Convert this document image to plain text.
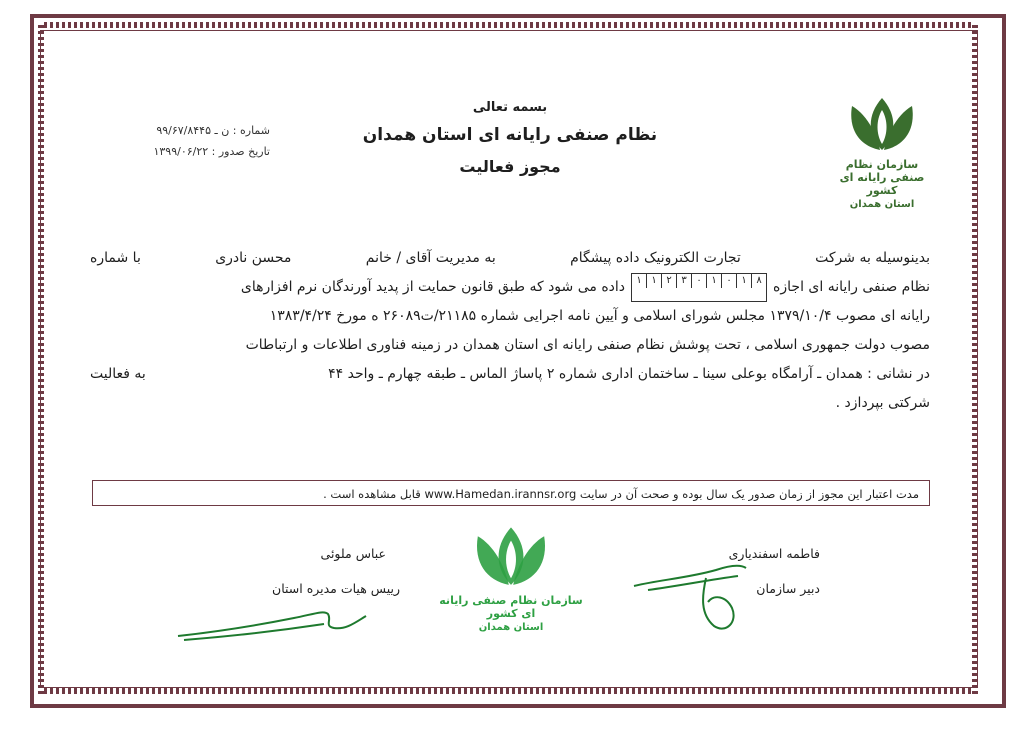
سازمان نظام صنفی رایانه ای کشور
استان همدان
بسمه تعالی
نظام صنفی رایانه ای استان همدان
مجوز فعالیت
شماره : ن ـ ۹۹/۶۷/۸۴۴۵
تاریخ صدور : ۱۳۹۹/۰۶/۲۲
بدینوسیله به شرکت
تجارت الکترونیک داده پیشگام
به مدیریت آقای / خانم
محسن نادری
با شماره
نظام صنفی رایانه ای اجازه
۱ ۱ ۲ ۳ ۰ ۱ ۰ ۱ ۸
داده می شود که طبق قانون حمایت از پدید آورندگان نرم افزارهای
رایانه ای مصوب ۱۳۷۹/۱۰/۴ مجلس شورای اسلامی و آیین نامه اجرایی شماره ۲۱۱۸۵/ت۲۶۰۸۹ ه مورخ ۱۳۸۳/۴/۲۴
مصوب دولت جمهوری اسلامی ، تحت پوشش نظام صنفی رایانه ای استان همدان در زمینه فناوری اطلاعات و ارتباطات
در نشانی : همدان ـ آرامگاه بوعلی سینا ـ ساختمان اداری شماره ۲ پاساژ الماس ـ طبقه چهارم ـ واحد ۴۴
به فعالیت
شرکتی بپردازد .
مدت اعتبار این مجوز از زمان صدور یک سال بوده و صحت آن در سایت www.Hamedan.irannsr.org قابل مشاهده است .
فاطمه اسفندیاری
دبیر سازمان
عباس ملوئی
رییس هیات مدیره استان
سازمان نظام صنفی رایانه ای کشور
استان همدان
